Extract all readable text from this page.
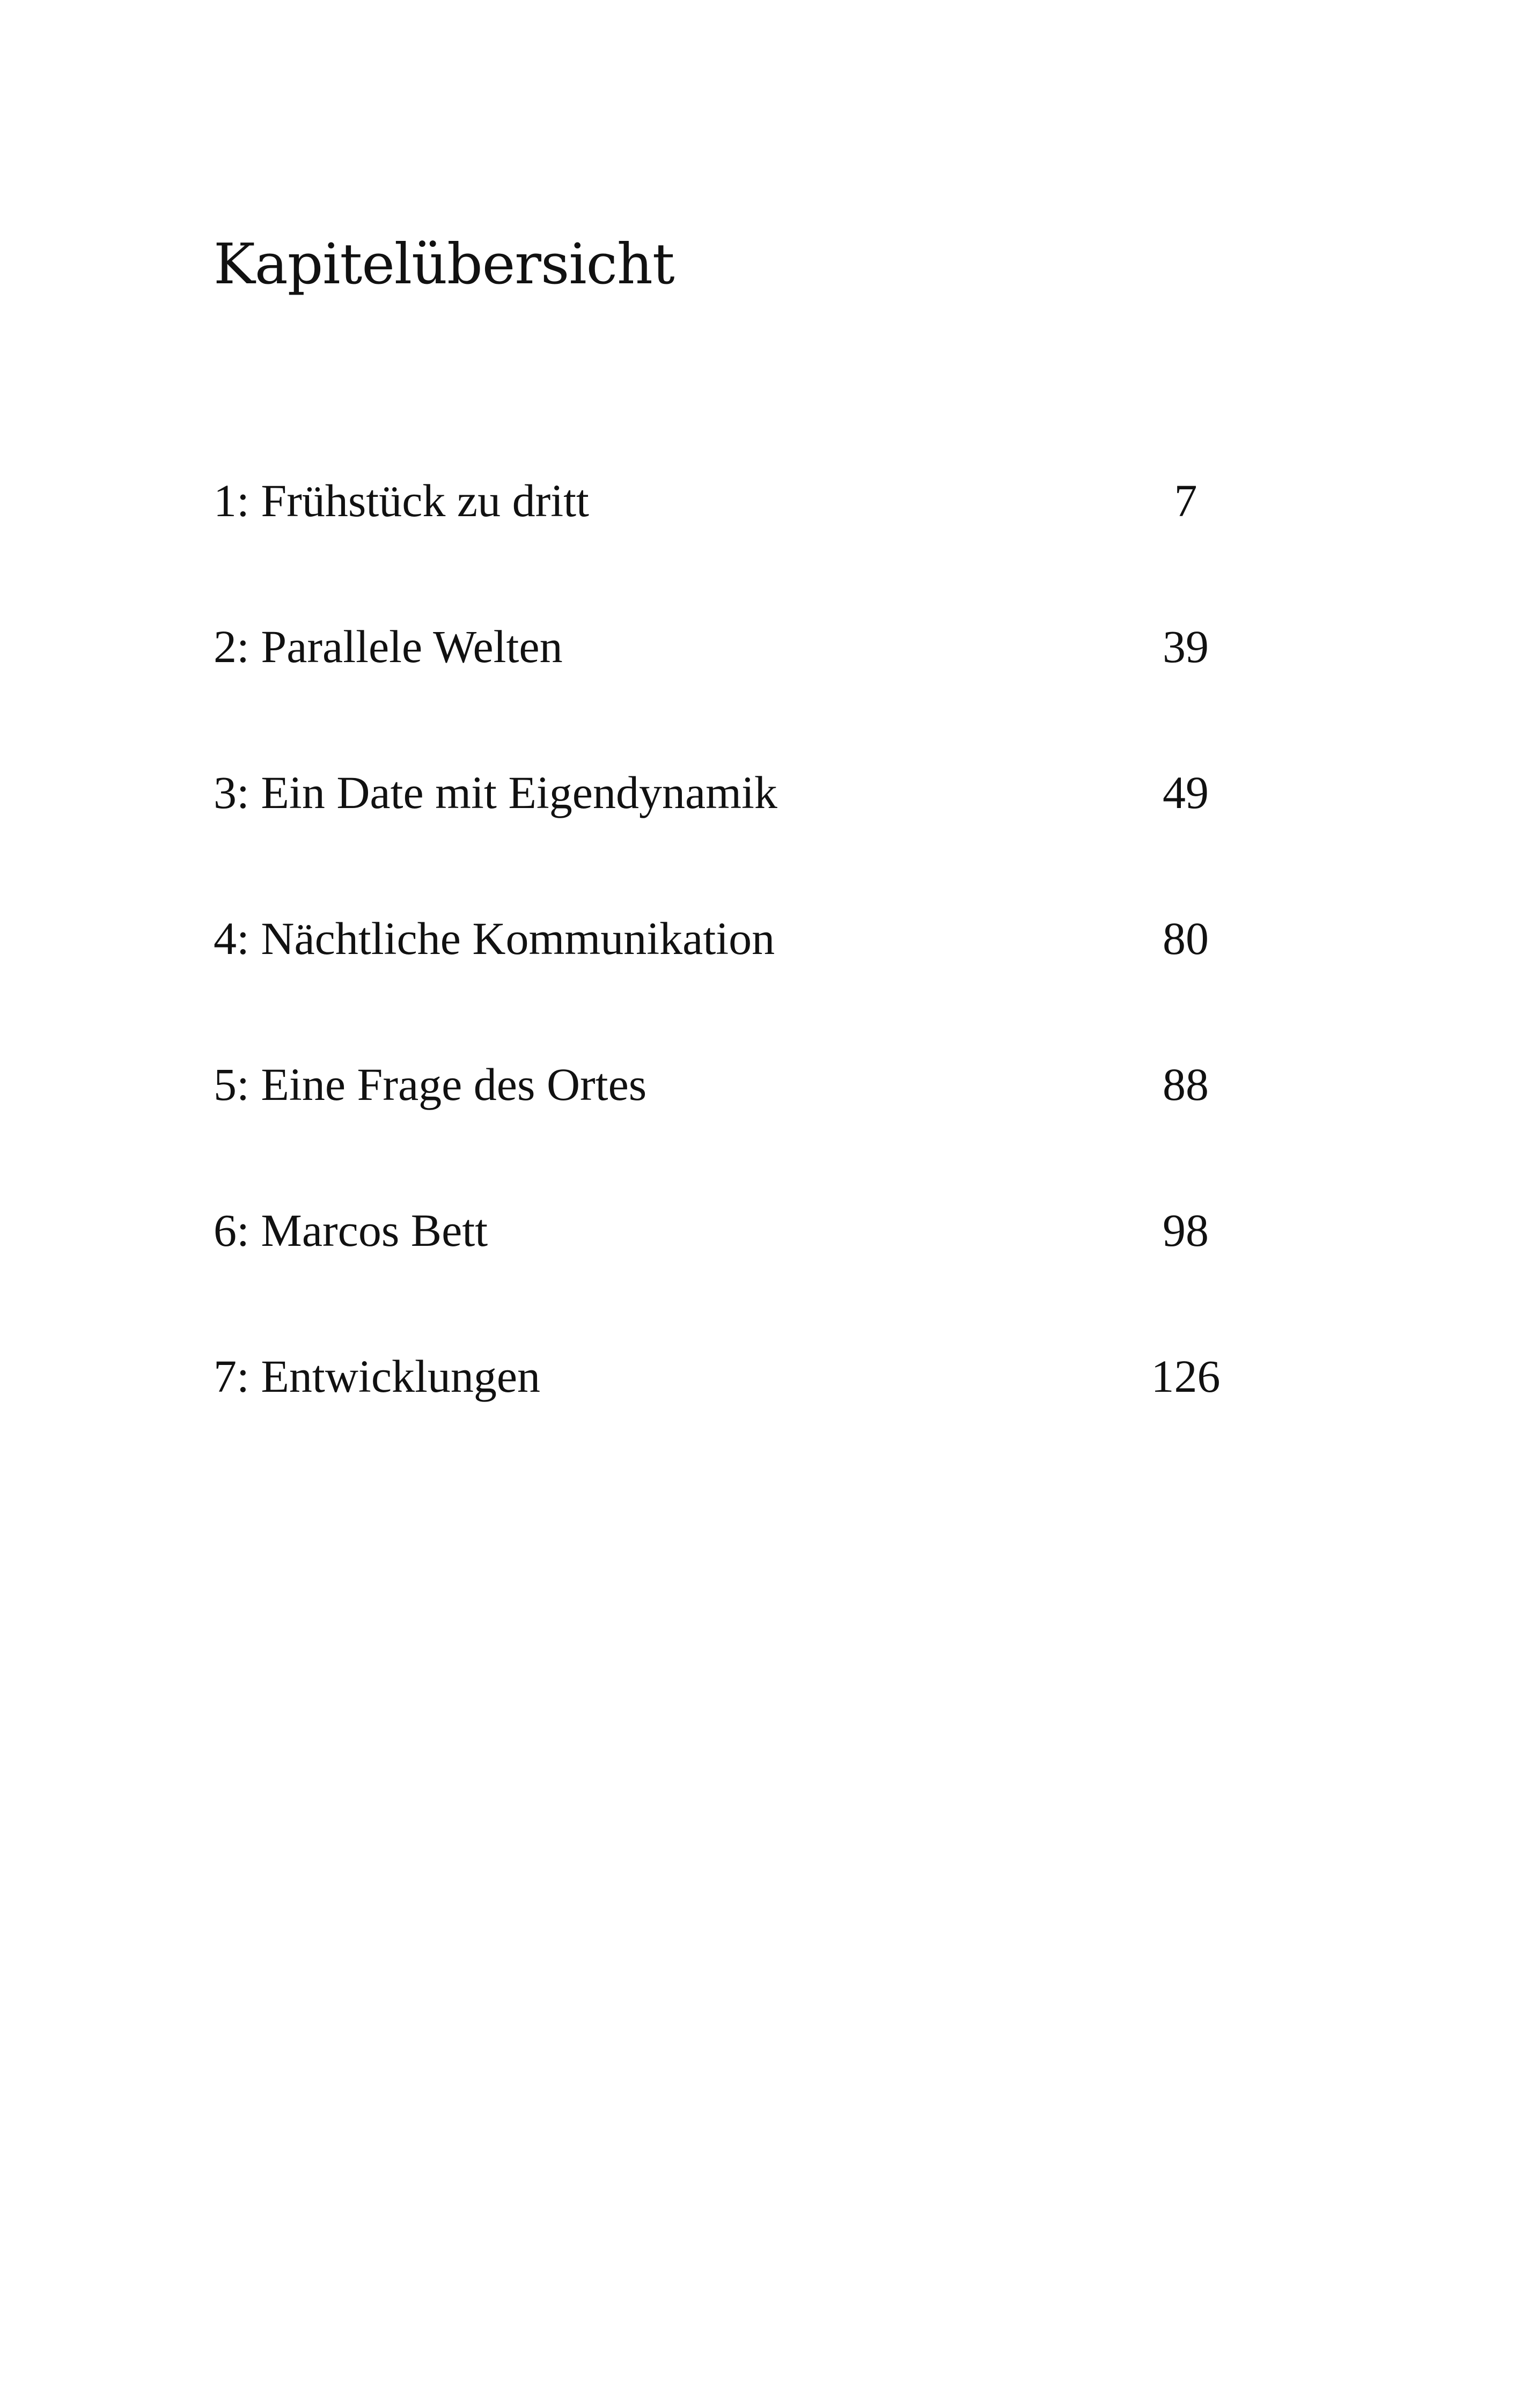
Kapitelübersicht
1: Frühstück zu dritt	7
2: Parallele Welten	39
3: Ein Date mit Eigendynamik	49
4: Nächtliche Kommunikation	80
5: Eine Frage des Ortes	88
6: Marcos Bett	98
7: Entwicklungen	126
